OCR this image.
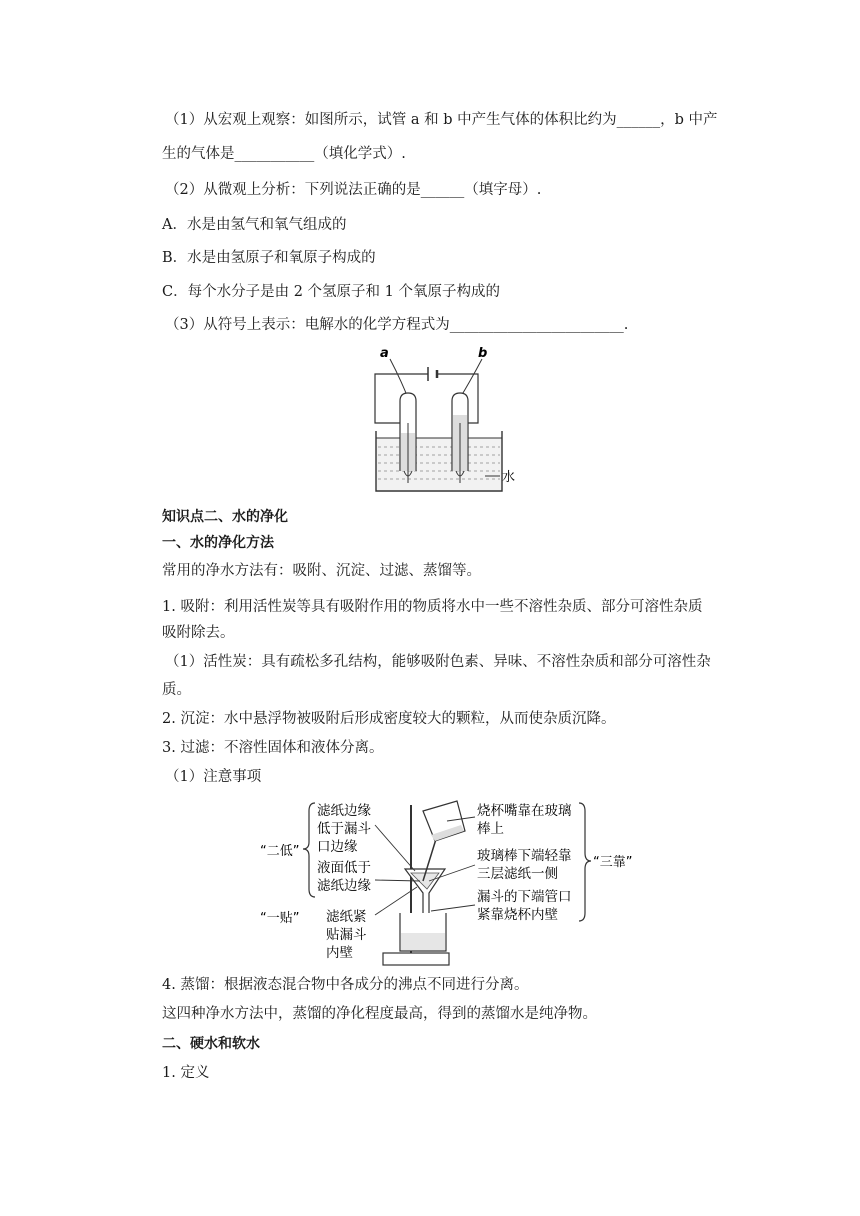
（1）从宏观上观察：如图所示，试管 a 和 b 中产生气体的体积比约为______，b 中产
生的气体是___________（填化学式）.
（2）从微观上分析：下列说法正确的是______（填字母）.
A．水是由氢气和氧气组成的
B．水是由氢原子和氧原子构成的
C．每个水分子是由 2 个氢原子和 1 个氧原子构成的
（3）从符号上表示：电解水的化学方程式为________________________.
a	b
水
知识点二、水的净化
一、水的净化方法
常用的净水方法有：吸附、沉淀、过滤、蒸馏等。
1. 吸附：利用活性炭等具有吸附作用的物质将水中一些不溶性杂质、部分可溶性杂质
吸附除去。
（1）活性炭：具有疏松多孔结构，能够吸附色素、异味、不溶性杂质和部分可溶性杂
质。
2. 沉淀：水中悬浮物被吸附后形成密度较大的颗粒，从而使杂质沉降。
3. 过滤：不溶性固体和液体分离。
（1）注意事项
“二低”
“一贴”
滤纸边缘
低于漏斗
口边缘
液面低于
滤纸边缘
滤纸紧
贴漏斗
内壁
烧杯嘴靠在玻璃
棒上
玻璃棒下端轻靠
三层滤纸一侧
漏斗的下端管口
紧靠烧杯内壁
“三靠”
4. 蒸馏：根据液态混合物中各成分的沸点不同进行分离。
这四种净水方法中，蒸馏的净化程度最高，得到的蒸馏水是纯净物。
二、硬水和软水
1. 定义
